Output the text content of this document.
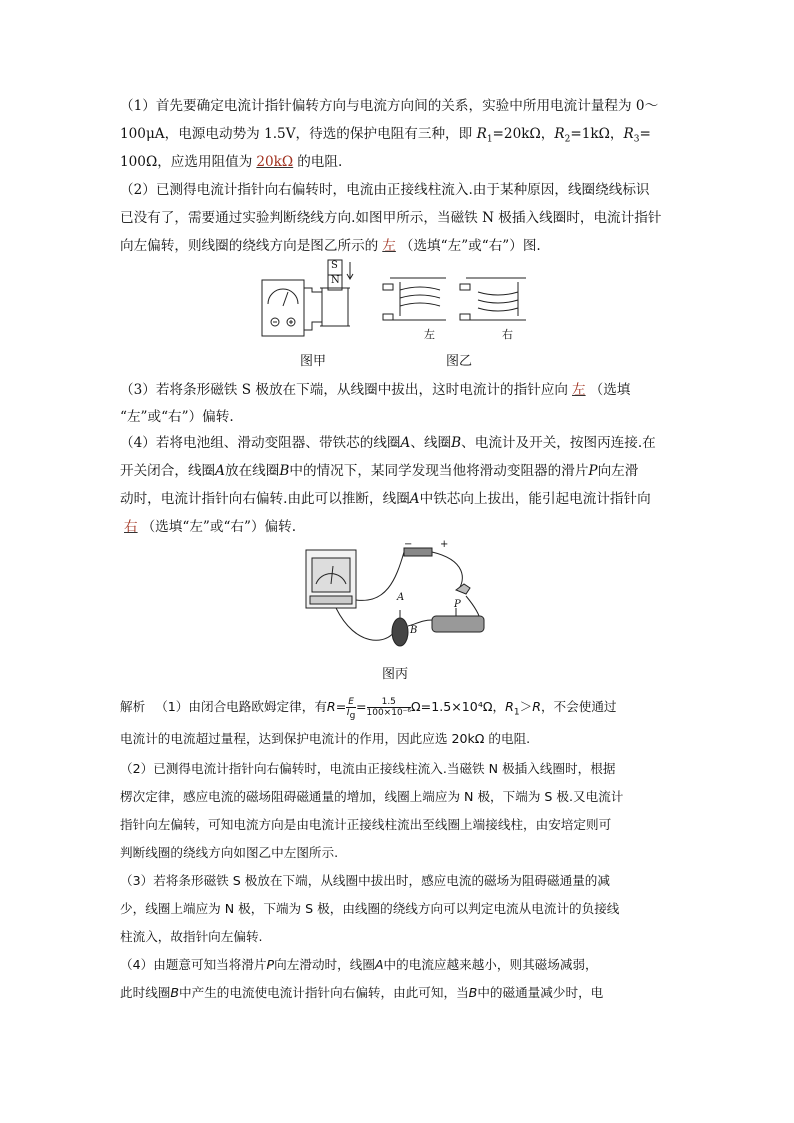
（1）首先要确定电流计指针偏转方向与电流方向间的关系，实验中所用电流计量程为 0～

100μA，电源电动势为 1.5V，待选的保护电阻有三种，即 $R_1=20k\Omega$，$R_2=1k\Omega$，$R_3=$

100Ω，应选用阻值为 20kΩ 的电阻.

（2）已测得电流计指针向右偏转时，电流由正接线柱流入.由于某种原因，线圈绕线标识

已没有了，需要通过实验判断绕线方向.如图甲所示，当磁铁 N 极插入线圈时，电流计指针

向左偏转，则线圈的绕线方向是图乙所示的 左 （选填“左”或“右”）图.

S
N
左	右
图甲	图乙

（3）若将条形磁铁 S 极放在下端，从线圈中拔出，这时电流计的指针应向 左 （选填

“左”或“右”）偏转.

（4）若将电池组、滑动变阻器、带铁芯的线圈A、线圈B、电流计及开关，按图丙连接.在

开关闭合，线圈A放在线圈B中的情况下，某同学发现当他将滑动变阻器的滑片P向左滑

动时，电流计指针向右偏转.由此可以推断，线圈A中铁芯向上拔出，能引起电流计指针向

右 （选填“左”或“右”）偏转.

A
B
P
−	+
图丙

解析 （1）由闭合电路欧姆定律，有$R= \frac{E}{I_g} = \frac{1.5}{\text{100×10⁻⁶}} \Omega=1.5\times 10^4\Omega$，$R_1>R$，不会使通过

电流计的电流超过量程，达到保护电流计的作用，因此应选 20kΩ 的电阻.

（2）已测得电流计指针向右偏转时，电流由正接线柱流入.当磁铁 N 极插入线圈时，根据

楞次定律，感应电流的磁场阻碍磁通量的增加，线圈上端应为 N 极，下端为 S 极.又电流计

指针向左偏转，可知电流方向是由电流计正接线柱流出至线圈上端接线柱，由安培定则可

判断线圈的绕线方向如图乙中左图所示.

（3）若将条形磁铁 S 极放在下端，从线圈中拔出时，感应电流的磁场为阻碍磁通量的减

少，线圈上端应为 N 极，下端为 S 极，由线圈的绕线方向可以判定电流从电流计的负接线

柱流入，故指针向左偏转.

（4）由题意可知当将滑片P向左滑动时，线圈A中的电流应越来越小，则其磁场减弱，

此时线圈B中产生的电流使电流计指针向右偏转，由此可知，当B中的磁通量减少时，电
